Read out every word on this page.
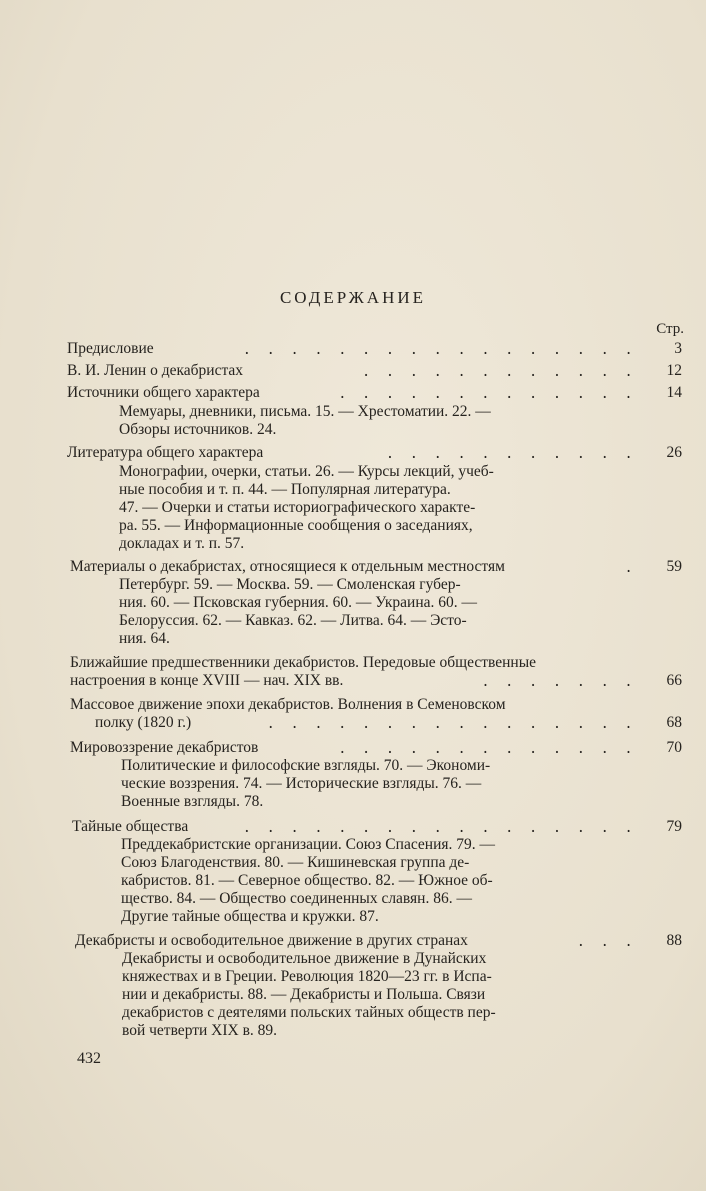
СОДЕРЖАНИЕ
Стр.
Предисловие	. . . . . . . . . . . . . . . . .	3
В. И. Ленин о декабристах	. . . . . . . . . . . .	12
Источники общего характера	. . . . . . . . . . . . .	14
Мемуары, дневники, письма. 15. — Хрестоматии. 22. —
Обзоры источников. 24.
Литература общего характера	. . . . . . . . . . .	26
Монографии, очерки, статьи. 26. — Курсы лекций, учеб-
ные пособия и т. п. 44. — Популярная литература.
47. — Очерки и статьи историографического характе-
ра. 55. — Информационные сообщения о заседаниях,
докладах и т. п. 57.
Материалы о декабристах, относящиеся к отдельным местностям	.	59
Петербург. 59. — Москва. 59. — Смоленская губер-
ния. 60. — Псковская губерния. 60. — Украина. 60. —
Белоруссия. 62. — Кавказ. 62. — Литва. 64. — Эсто-
ния. 64.
Ближайшие предшественники декабристов. Передовые общественные
настроения в конце XVIII — нач. XIX вв.	. . . . . . .	66
Массовое движение эпохи декабристов. Волнения в Семеновском
полку (1820 г.)	. . . . . . . . . . . . . . . .	68
Мировоззрение декабристов	. . . . . . . . . . . . .	70
Политические и философские взгляды. 70. — Экономи-
ческие воззрения. 74. — Исторические взгляды. 76. —
Военные взгляды. 78.
Тайные общества	. . . . . . . . . . . . . . . . .	79
Преддекабристские организации. Союз Спасения. 79. —
Союз Благоденствия. 80. — Кишиневская группа де-
кабристов. 81. — Северное общество. 82. — Южное об-
щество. 84. — Общество соединенных славян. 86. —
Другие тайные общества и кружки. 87.
Декабристы и освободительное движение в других странах	. . .	88
Декабристы и освободительное движение в Дунайских
княжествах и в Греции. Революция 1820—23 гг. в Испа-
нии и декабристы. 88. — Декабристы и Польша. Связи
декабристов с деятелями польских тайных обществ пер-
вой четверти XIX в. 89.
432
